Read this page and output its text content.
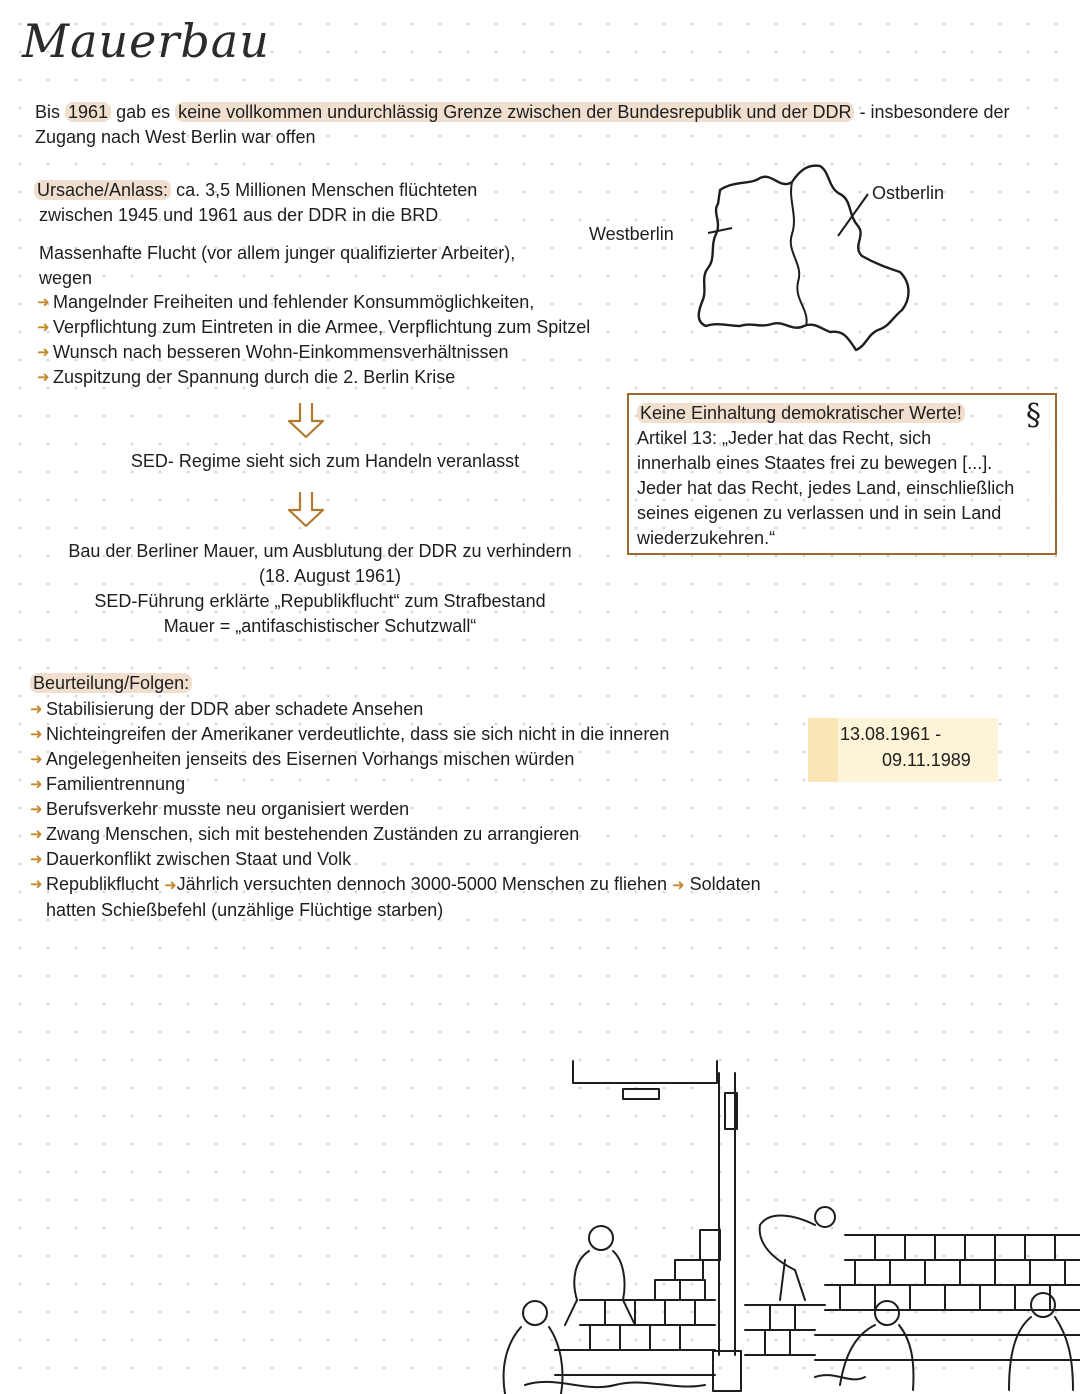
Mauerbau
Bis 1961 gab es keine vollkommen undurchlässig Grenze zwischen der Bundesrepublik und der DDR - insbesondere der Zugang nach West Berlin war offen
Ursache/Anlass: ca. 3,5 Millionen Menschen flüchteten
zwischen 1945 und 1961 aus der DDR in die BRD
Massenhafte Flucht (vor allem junger qualifizierter Arbeiter),
wegen
➜ Mangelnder Freiheiten und fehlender Konsummöglichkeiten,
➜ Verpflichtung zum Eintreten in die Armee, Verpflichtung zum Spitzel
➜ Wunsch nach besseren Wohn-Einkommensverhältnissen
➜ Zuspitzung der Spannung durch die 2. Berlin Krise
Westberlin
Ostberlin
SED- Regime sieht sich zum Handeln veranlasst
Bau der Berliner Mauer, um Ausblutung der DDR zu verhindern
(18. August 1961)
SED-Führung erklärte „Republikflucht“ zum Strafbestand
Mauer = „antifaschistischer Schutzwall“
Keine Einhaltung demokratischer Werte!	§
Artikel 13: „Jeder hat das Recht, sich
innerhalb eines Staates frei zu bewegen [...].
Jeder hat das Recht, jedes Land, einschließlich
seines eigenen zu verlassen und in sein Land
wiederzukehren.“
Beurteilung/Folgen:
➜ Stabilisierung der DDR aber schadete Ansehen
➜ Nichteingreifen der Amerikaner verdeutlichte, dass sie sich nicht in die inneren
➜ Angelegenheiten jenseits des Eisernen Vorhangs mischen würden
➜ Familientrennung
➜ Berufsverkehr musste neu organisiert werden
➜ Zwang Menschen, sich mit bestehenden Zuständen zu arrangieren
➜ Dauerkonflikt zwischen Staat und Volk
➜ Republikflucht ➜Jährlich versuchten dennoch 3000-5000 Menschen zu fliehen ➜ Soldaten
hatten Schießbefehl (unzählige Flüchtige starben)
13.08.1961 -
09.11.1989
